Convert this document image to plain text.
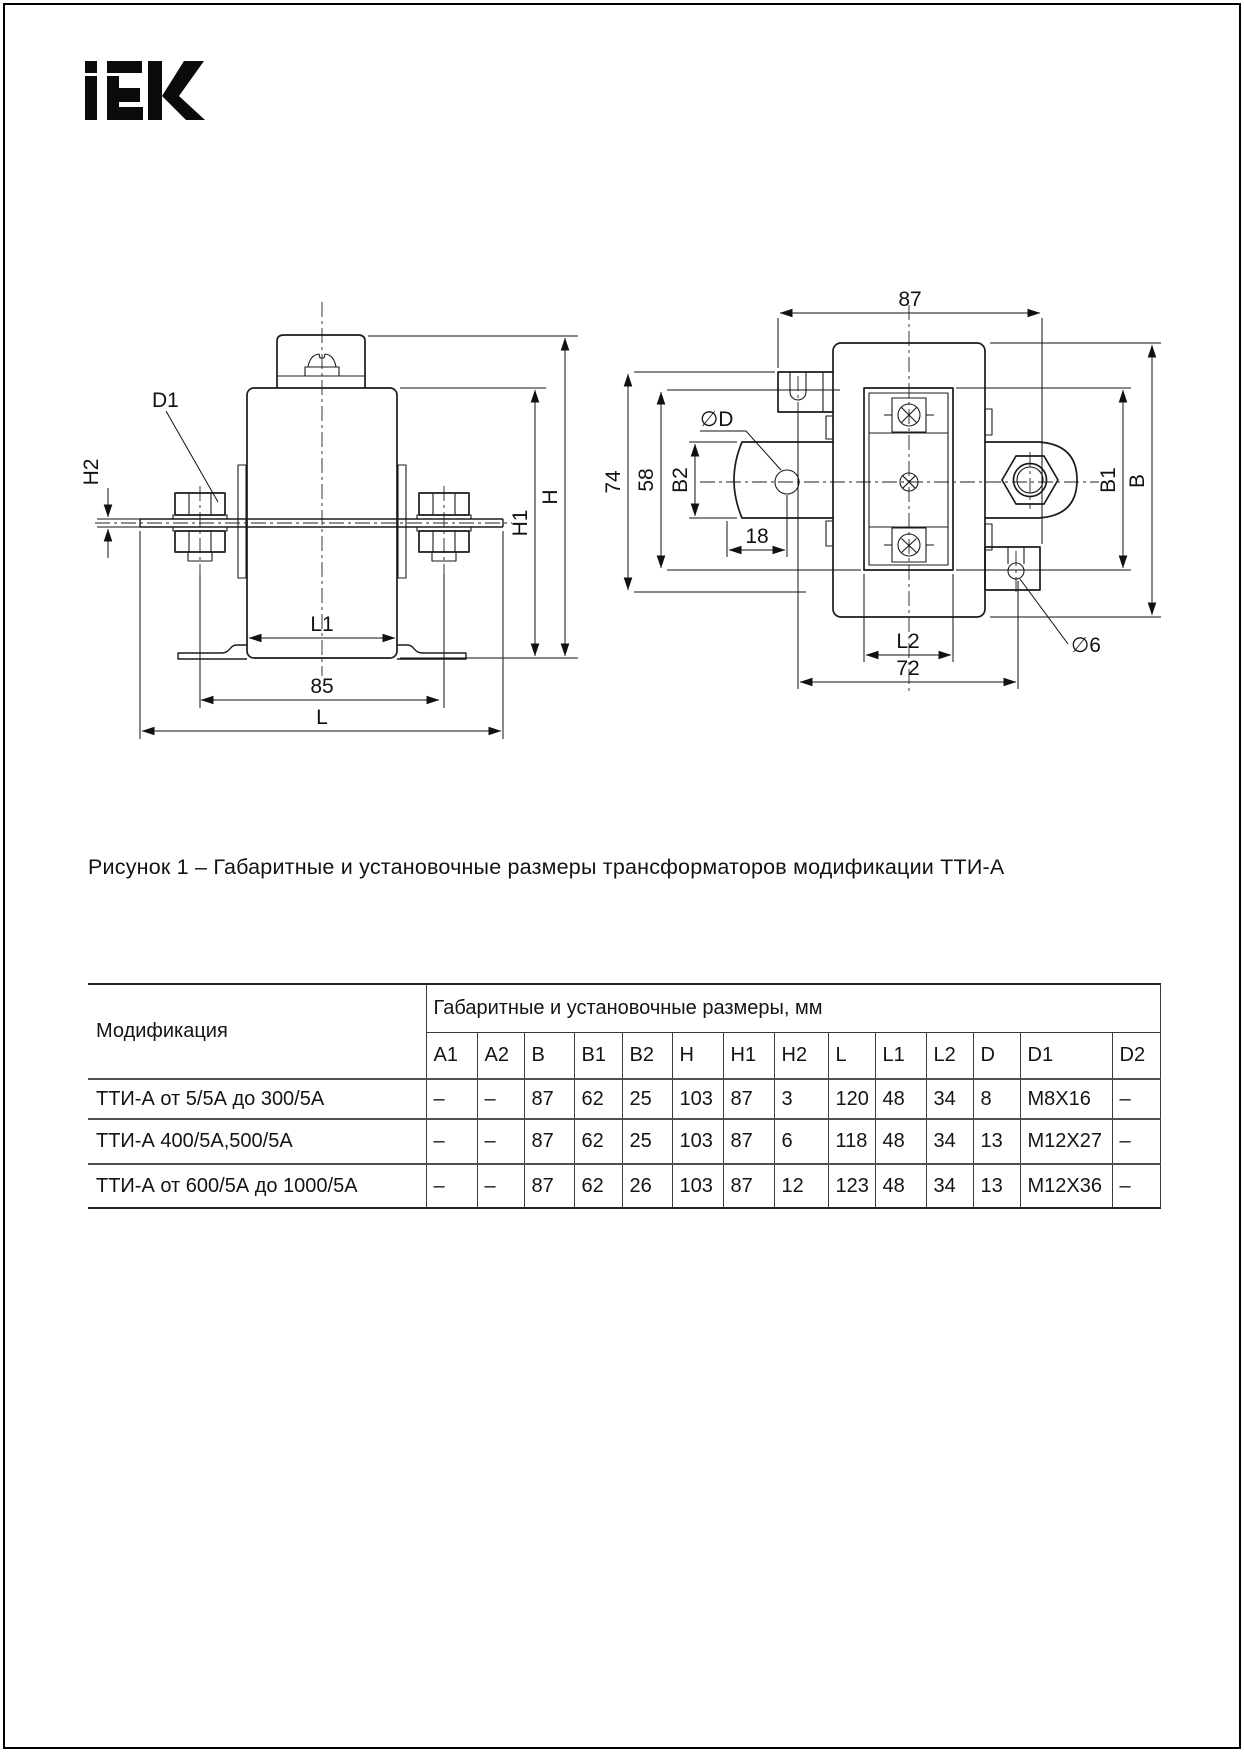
D1
H2
L1
85
L
H1
H
87
74 58 B2
∅D
18
L2
72
B1 B
∅6
Рисунок 1 – Габаритные и установочные размеры трансформаторов модификации ТТИ-А
Модификация	Габаритные и установочные размеры, мм													
	A1	A2	B	B1	B2	H	H1	H2	L	L1	L2	D	D1	D2
ТТИ-А от 5/5А до 300/5А	–	–	87	62	25	103	87	3	120	48	34	8	М8Х16	–
ТТИ-А 400/5А,500/5А	–	–	87	62	25	103	87	6	118	48	34	13	М12Х27	–
ТТИ-А от 600/5А до 1000/5А	–	–	87	62	26	103	87	12	123	48	34	13	М12Х36	–
